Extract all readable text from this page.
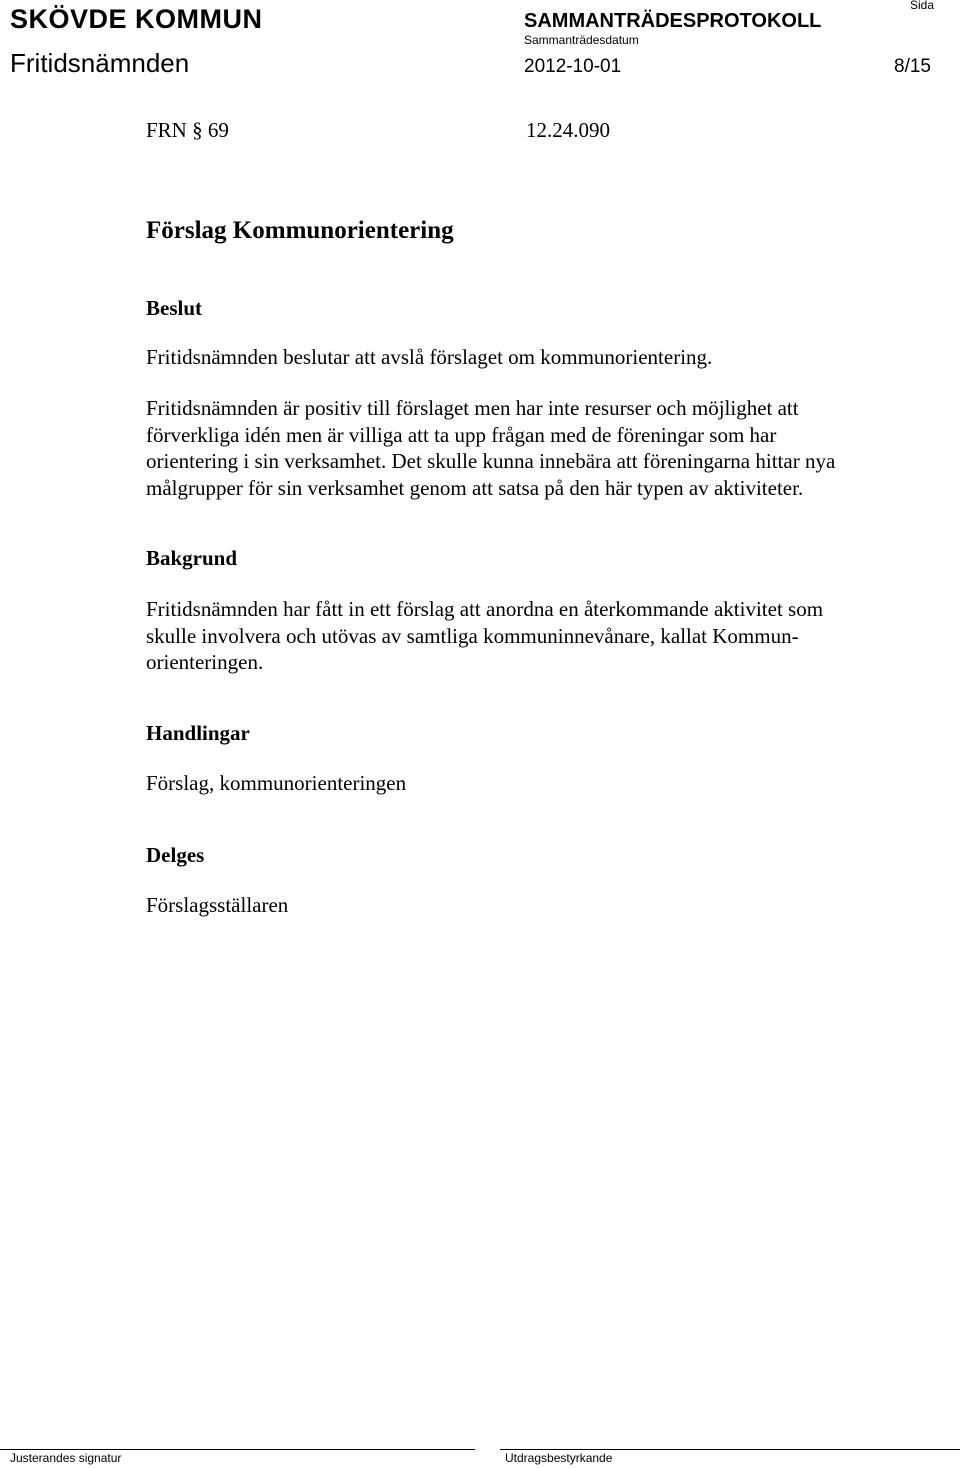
SKÖVDE KOMMUN	Sida
SAMMANTRÄDESPROTOKOLL
Sammanträdesdatum
Fritidsnämnden	2012-10-01	8/15
FRN § 69	12.24.090
Förslag Kommunorientering
Beslut
Fritidsnämnden beslutar att avslå förslaget om kommunorientering.
Fritidsnämnden är positiv till förslaget men har inte resurser och möjlighet att
förverkliga idén men är villiga att ta upp frågan med de föreningar som har
orientering i sin verksamhet. Det skulle kunna innebära att föreningarna hittar nya
målgrupper för sin verksamhet genom att satsa på den här typen av aktiviteter.
Bakgrund
Fritidsnämnden har fått in ett förslag att anordna en återkommande aktivitet som
skulle involvera och utövas av samtliga kommuninnevånare, kallat Kommun-
orienteringen.
Handlingar
Förslag, kommunorienteringen
Delges
Förslagsställaren
Justerandes signatur	Utdragsbestyrkande
